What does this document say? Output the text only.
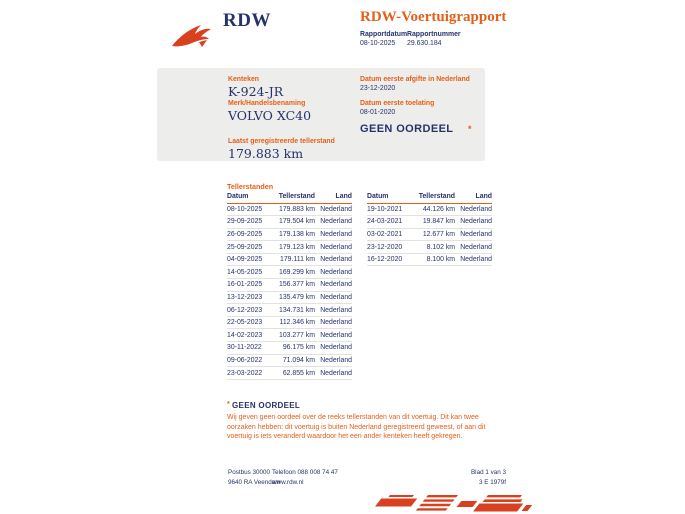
RDW	RDW-Voertuigrapport
Rapportdatum
08-10-2025
Rapportnummer
29.630.184
Kenteken
K-924-JR
Merk/Handelsbenaming
VOLVO XC40
Laatst geregistreerde tellerstand
179.883 km
Datum eerste afgifte in Nederland
23-12-2020
Datum eerste toelating
08-01-2020
GEEN OORDEEL *
Tellerstanden
Datum	Tellerstand	Land
08-10-2025	179.883 km	Nederland
29-09-2025	179.504 km	Nederland
26-09-2025	179.138 km	Nederland
25-09-2025	179.123 km	Nederland
04-09-2025	179.111 km	Nederland
14-05-2025	169.299 km	Nederland
16-01-2025	156.377 km	Nederland
13-12-2023	135.479 km	Nederland
06-12-2023	134.731 km	Nederland
22-05-2023	112.346 km	Nederland
14-02-2023	103.277 km	Nederland
30-11-2022	96.175 km	Nederland
09-06-2022	71.094 km	Nederland
23-03-2022	62.855 km	Nederland
Datum	Tellerstand	Land
19-10-2021	44.126 km	Nederland
24-03-2021	19.847 km	Nederland
03-02-2021	12.677 km	Nederland
23-12-2020	8.102 km	Nederland
16-12-2020	8.100 km	Nederland
* GEEN OORDEEL
Wij geven geen oordeel over de reeks tellerstanden van dit voertuig. Dit kan twee oorzaken hebben: dit voertuig is buiten Nederland geregistreerd geweest, of aan dit voertuig is iets veranderd waardoor het een ander kenteken heeft gekregen.
Postbus 30000
9640 RA Veendam
Telefoon 088 008 74 47
www.rdw.nl
Blad 1 van 3
3 E 1979f
